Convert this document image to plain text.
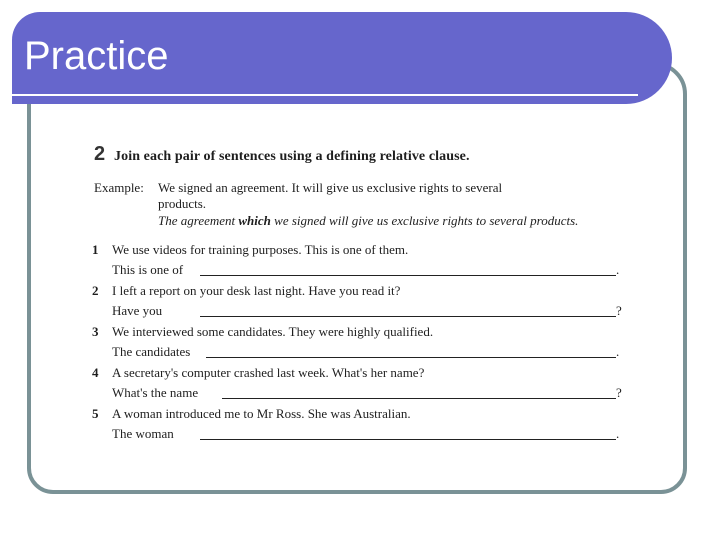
Practice
2 Join each pair of sentences using a defining relative clause.
Example: We signed an agreement. It will give us exclusive rights to several
products.
The agreement which we signed will give us exclusive rights to several products.
1 We use videos for training purposes. This is one of them.
This is one of	.
2 I left a report on your desk last night. Have you read it?
Have you	?
3 We interviewed some candidates. They were highly qualified.
The candidates	.
4 A secretary's computer crashed last week. What's her name?
What's the name	?
5 A woman introduced me to Mr Ross. She was Australian.
The woman	.
